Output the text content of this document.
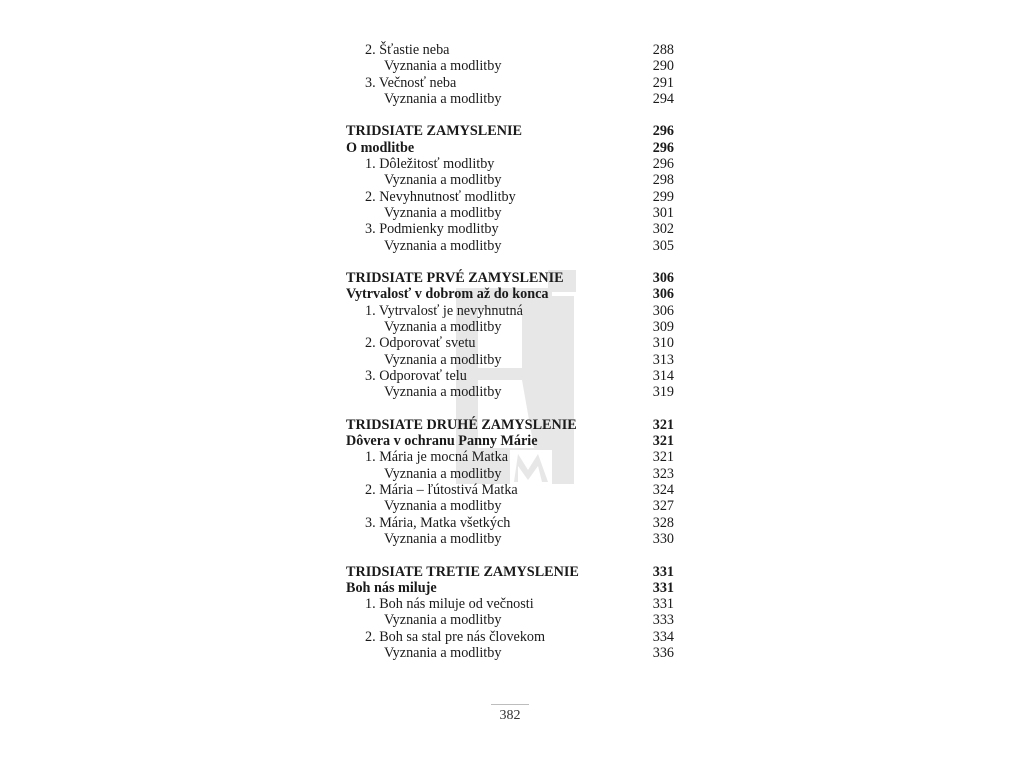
2. Šťastie neba	288
Vyznania a modlitby	290
3. Večnosť neba	291
Vyznania a modlitby	294
TRIDSIATE ZAMYSLENIE	296
O modlitbe	296
1. Dôležitosť modlitby	296
Vyznania a modlitby	298
2. Nevyhnutnosť modlitby	299
Vyznania a modlitby	301
3. Podmienky modlitby	302
Vyznania a modlitby	305
TRIDSIATE PRVÉ ZAMYSLENIE	306
Vytrvalosť v dobrom až do konca	306
1. Vytrvalosť je nevyhnutná	306
Vyznania a modlitby	309
2. Odporovať svetu	310
Vyznania a modlitby	313
3. Odporovať telu	314
Vyznania a modlitby	319
TRIDSIATE DRUHÉ ZAMYSLENIE	321
Dôvera v ochranu Panny Márie	321
1. Mária je mocná Matka	321
Vyznania a modlitby	323
2. Mária – ľútostivá Matka	324
Vyznania a modlitby	327
3. Mária, Matka všetkých	328
Vyznania a modlitby	330
TRIDSIATE TRETIE ZAMYSLENIE	331
Boh nás miluje	331
1. Boh nás miluje od večnosti	331
Vyznania a modlitby	333
2. Boh sa stal pre nás človekom	334
Vyznania a modlitby	336
382
